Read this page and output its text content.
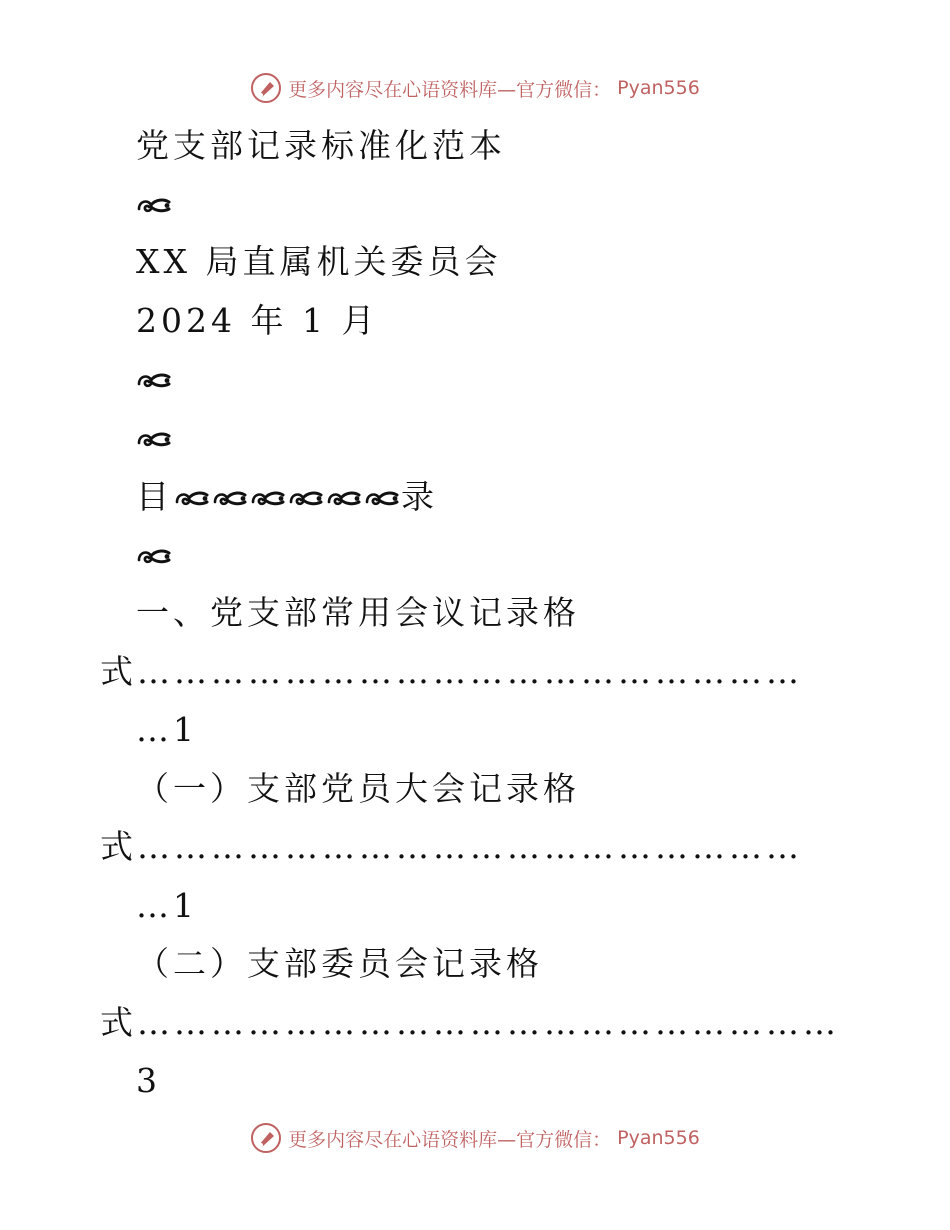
更多内容尽在心语资料库—官方微信： Pyan556
党支部记录标准化范本
XX 局直属机关委员会
2024 年 1 月
目	录
一、党支部常用会议记录格
式………………………………………………
…1
（一）支部党员大会记录格
式………………………………………………
…1
（二）支部委员会记录格
式…………………………………………………
3
更多内容尽在心语资料库—官方微信： Pyan556
